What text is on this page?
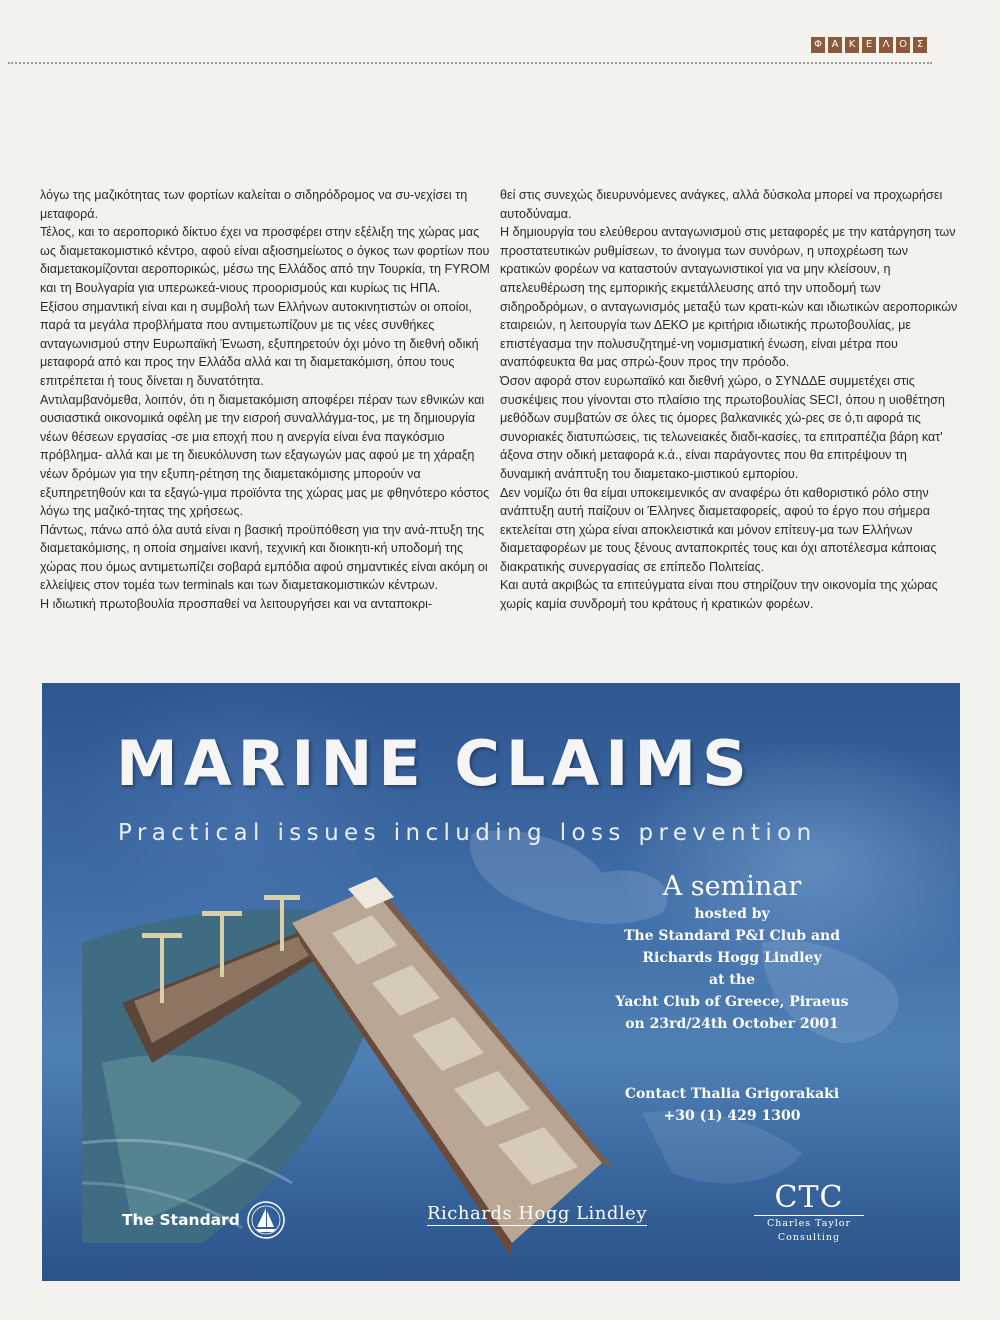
Φ Α	Κ	Ε	Λ Ο Σ

λόγω της μαζικότητας των φορτίων καλείται ο σιδηρόδρομος να συ-νεχίσει τη μεταφορά.

Τέλος, και το αεροπορικό δίκτυο έχει να προσφέρει στην εξέλιξη της χώρας μας ως διαμετακομιστικό κέντρο, αφού είναι αξιοσημείωτος ο όγκος των φορτίων που διαμετακομίζονται αεροπορικώς, μέσω της Ελλάδος από την Τουρκία, τη FYROM και τη Βουλγαρία για υπερωκεά-νιους προορισμούς και κυρίως τις ΗΠΑ.

Εξίσου σημαντική είναι και η συμβολή των Ελλήνων αυτοκινητιστών οι οποίοι, παρά τα μεγάλα προβλήματα που αντιμετωπίζουν με τις νέες συνθήκες ανταγωνισμού στην Ευρωπαϊκή Ένωση, εξυπηρετούν όχι μόνο τη διεθνή οδική μεταφορά από και προς την Ελλάδα αλλά και τη διαμετακόμιση, όπου τους επιτρέπεται ή τους δίνεται η δυνατότητα.

Αντιλαμβανόμεθα, λοιπόν, ότι η διαμετακόμιση αποφέρει πέραν των εθνικών και ουσιαστικά οικονομικά οφέλη με την εισροή συναλλάγμα-τος, με τη δημιουργία νέων θέσεων εργασίας -σε μια εποχή που η ανεργία είναι ένα παγκόσμιο πρόβλημα- αλλά και με τη διευκόλυνση των εξαγωγών μας αφού με τη χάραξη νέων δρόμων για την εξυπη-ρέτηση της διαμετακόμισης μπορούν να εξυπηρετηθούν και τα εξαγώ-γιμα προϊόντα της χώρας μας με φθηνότερο κόστος λόγω της μαζικό-τητας της χρήσεως.

Πάντως, πάνω από όλα αυτά είναι η βασική προϋπόθεση για την ανά-πτυξη της διαμετακόμισης, η οποία σημαίνει ικανή, τεχνική και διοικητι-κή υποδομή της χώρας που όμως αντιμετωπίζει σοβαρά εμπόδια αφού σημαντικές είναι ακόμη οι ελλείψεις στον τομέα των terminals και των διαμετακομιστικών κέντρων.

Η ιδιωτική πρωτοβουλία προσπαθεί να λειτουργήσει και να ανταποκρι-

θεί στις συνεχώς διευρυνόμενες ανάγκες, αλλά δύσκολα μπορεί να προχωρήσει αυτοδύναμα.

Η δημιουργία του ελεύθερου ανταγωνισμού στις μεταφορές με την κατάργηση των προστατευτικών ρυθμίσεων, το άνοιγμα των συνόρων, η υποχρέωση των κρατικών φορέων να καταστούν ανταγωνιστικοί για να μην κλείσουν, η απελευθέρωση της εμπορικής εκμετάλλευσης από την υποδομή των σιδηροδρόμων, ο ανταγωνισμός μεταξύ των κρατι-κών και ιδιωτικών αεροπορικών εταιρειών, η λειτουργία των ΔΕΚΟ με κριτήρια ιδιωτικής πρωτοβουλίας, με επιστέγασμα την πολυσυζητημέ-νη νομισματική ένωση, είναι μέτρα που αναπόφευκτα θα μας σπρώ-ξουν προς την πρόοδο.

Όσον αφορά στον ευρωπαϊκό και διεθνή χώρο, ο ΣΥΝΔΔΕ συμμετέχει στις συσκέψεις που γίνονται στο πλαίσιο της πρωτοβουλίας SECI, όπου η υιοθέτηση μεθόδων συμβατών σε όλες τις όμορες βαλκανικές χώ-ρες σε ό,τι αφορά τις συνοριακές διατυπώσεις, τις τελωνειακές διαδι-κασίες, τα επιτραπέζια βάρη κατ' άξονα στην οδική μεταφορά κ.ά., είναι παράγοντες που θα επιτρέψουν τη δυναμική ανάπτυξη του διαμετακο-μιστικού εμπορίου.

Δεν νομίζω ότι θα είμαι υποκειμενικός αν αναφέρω ότι καθοριστικό ρόλο στην ανάπτυξη αυτή παίζουν οι Έλληνες διαμεταφορείς, αφού το έργο που σήμερα εκτελείται στη χώρα είναι αποκλειστικά και μόνον επίτευγ-μα των Ελλήνων διαμεταφορέων με τους ξένους ανταποκριτές τους και όχι αποτέλεσμα κάποιας διακρατικής συνεργασίας σε επίπεδο Πολιτείας.

Και αυτά ακριβώς τα επιτεύγματα είναι που στηρίζουν την οικονομία της χώρας χωρίς καμία συνδρομή του κράτους ή κρατικών φορέων.

MARINE CLAIMS
Practical issues including loss prevention
A seminar
hosted by
The Standard P&I Club and
Richards Hogg Lindley
at the
Yacht Club of Greece, Piraeus
on 23rd/24th October 2001
Contact Thalia Grigorakaki
+30 (1) 429 1300
The Standard	Richards Hogg Lindley	CTC
Charles Taylor
Consulting
